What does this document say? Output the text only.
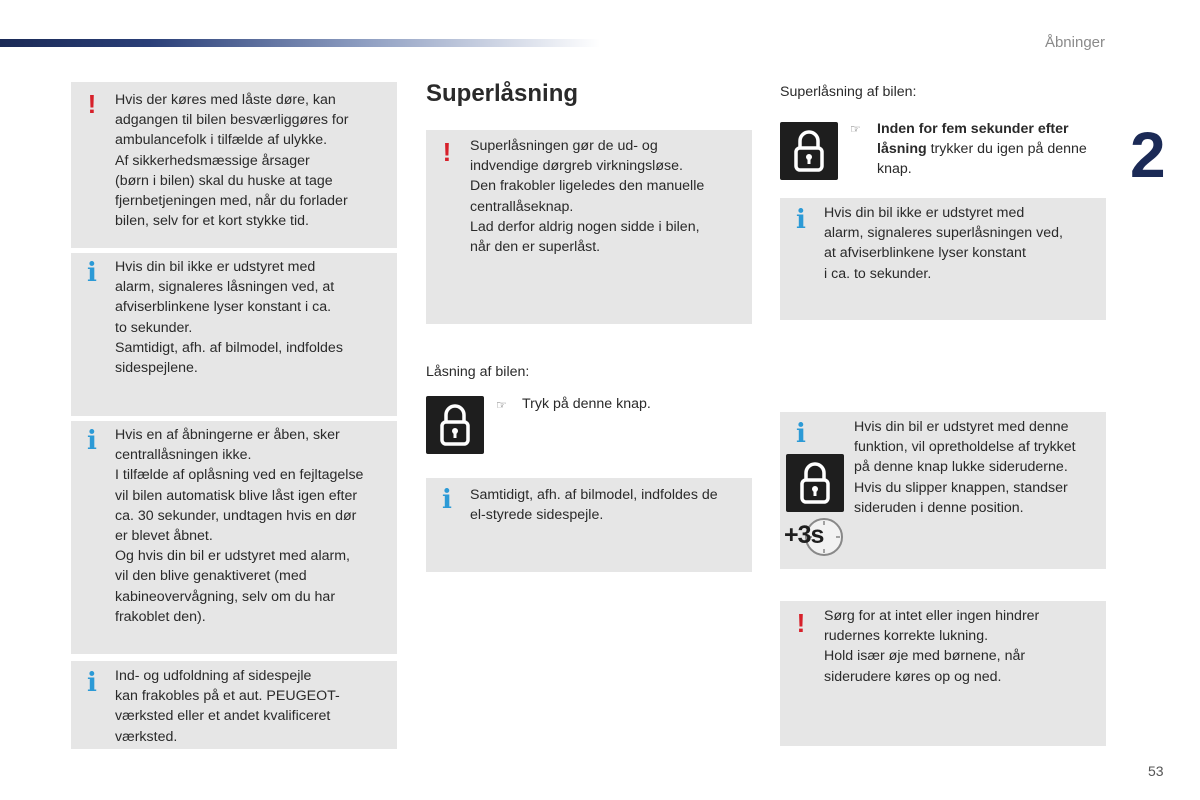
Åbninger
2
! Hvis der køres med låste døre, kan
adgangen til bilen besværliggøres for
ambulancefolk i tilfælde af ulykke.
Af sikkerhedsmæssige årsager
(børn i bilen) skal du huske at tage
fjernbetjeningen med, når du forlader
bilen, selv for et kort stykke tid.
i Hvis din bil ikke er udstyret med
alarm, signaleres låsningen ved, at
afviserblinkene lyser konstant i ca.
to sekunder.
Samtidigt, afh. af bilmodel, indfoldes
sidespejlene.
i Hvis en af åbningerne er åben, sker
centrallåsningen ikke.
I tilfælde af oplåsning ved en fejltagelse
vil bilen automatisk blive låst igen efter
ca. 30 sekunder, undtagen hvis en dør
er blevet åbnet.
Og hvis din bil er udstyret med alarm,
vil den blive genaktiveret (med
kabineovervågning, selv om du har
frakoblet den).
i Ind- og udfoldning af sidespejle
kan frakobles på et aut. PEUGEOT-
værksted eller et andet kvalificeret
værksted.
Superlåsning
! Superlåsningen gør de ud- og
indvendige dørgreb virkningsløse.
Den frakobler ligeledes den manuelle
centrallåseknap.
Lad derfor aldrig nogen sidde i bilen,
når den er superlåst.
Låsning af bilen:
☞ Tryk på denne knap.
i Samtidigt, afh. af bilmodel, indfoldes de
el-styrede sidespejle.
Superlåsning af bilen:
☞ Inden for fem sekunder efter
låsning trykker du igen på denne
knap.
i Hvis din bil ikke er udstyret med
alarm, signaleres superlåsningen ved,
at afviserblinkene lyser konstant
i ca. to sekunder.
i
+3s
Hvis din bil er udstyret med denne
funktion, vil opretholdelse af trykket
på denne knap lukke sideruderne.
Hvis du slipper knappen, standser
sideruden i denne position.
! Sørg for at intet eller ingen hindrer
rudernes korrekte lukning.
Hold især øje med børnene, når
siderudere køres op og ned.
53
